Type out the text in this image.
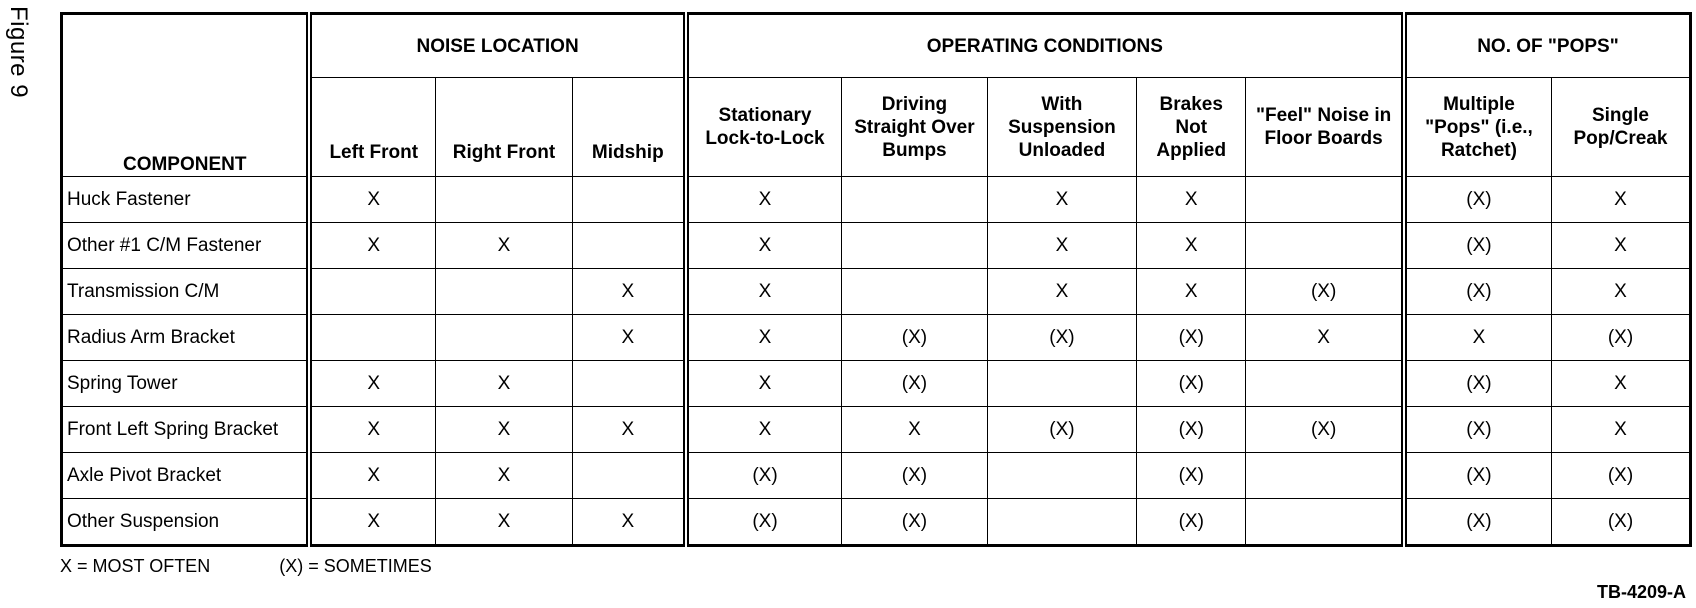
Figure 9
COMPONENT	NOISE LOCATION			OPERATING CONDITIONS					NO. OF "POPS"	
	Left Front	Right Front	Midship	Stationary Lock-to-Lock	Driving Straight Over Bumps	With Suspension Unloaded	Brakes Not Applied	"Feel" Noise in Floor Boards	Multiple "Pops" (i.e., Ratchet)	Single Pop/Creak
Huck Fastener	X			X		X	X		(X)	X
Other #1 C/M Fastener	X	X		X		X	X		(X)	X
Transmission C/M			X	X		X	X	(X)	(X)	X
Radius Arm Bracket			X	X	(X)	(X)	(X)	X	X	(X)
Spring Tower	X	X		X	(X)		(X)		(X)	X
Front Left Spring Bracket	X	X	X	X	X	(X)	(X)	(X)	(X)	X
Axle Pivot Bracket	X	X		(X)	(X)		(X)		(X)	(X)
Other Suspension	X	X	X	(X)	(X)		(X)		(X)	(X)
X = MOST OFTEN	(X) = SOMETIMES
TB-4209-A
